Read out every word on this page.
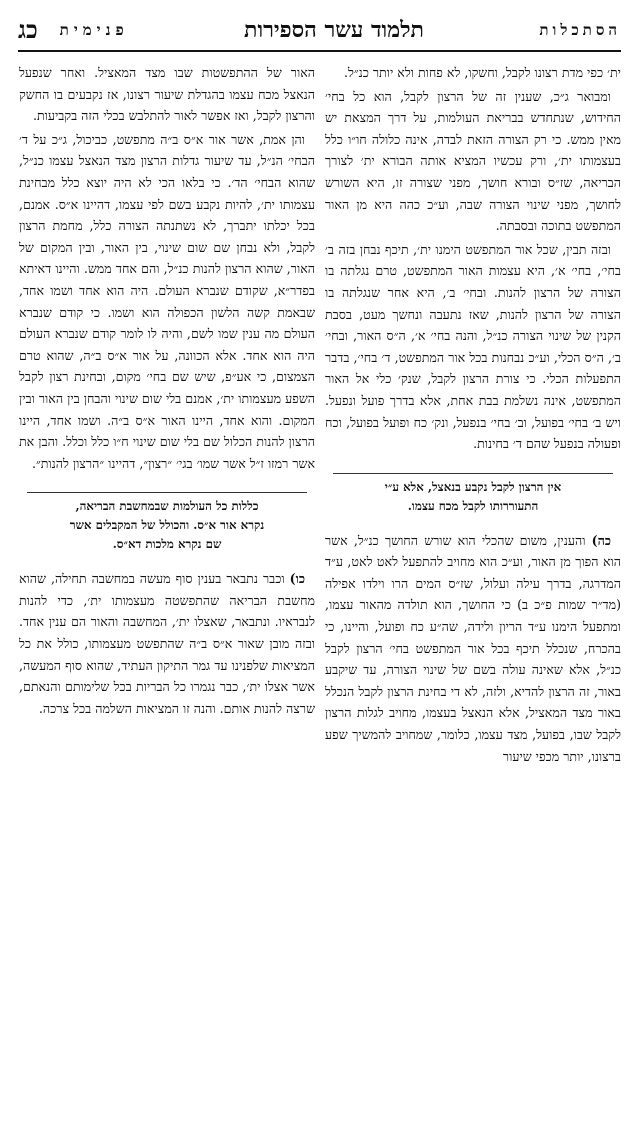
הסתכלות
תלמוד עשר הספירות
פנימית
כג

ית׳ כפי מדת רצונו לקבל, וחשקו, לא פחות ולא יותר כנ״ל.

ומבואר ג״כ, שענין זה של הרצון לקבל, הוא כל בחי׳ החידוש, שנתחדש בבריאת העולמות, על דרך המצאת יש מאין ממש. כי רק הצורה הזאת לבדה, אינה כלולה חו״ו כלל בעצמותו ית׳, ורק עכשיו המציא אותה הבורא ית׳ לצורך הבריאה, שז״ס ובורא חושך, מפני שצורה זו, היא השורש לחושך, מפני שינוי הצורה שבה, וע״כ כהה היא מן האור המתפשט בתוכה ובסבתה.

ובזה תבין, שכל אור המתפשט הימנו ית׳, תיכף נבחן בזה ב׳ בחי׳, בחי׳ א׳, היא עצמות האור המתפשט, טרם נגלתה בו הצורה של הרצון להנות. ובחי׳ ב׳, היא אחר שנגלתה בו הצורה של הרצון להנות, שאז נתעבה ונחשך מעט, בסבת הקנין של שינוי הצורה כנ״ל, והנה בחי׳ א׳, ה״ס האור, ובחי׳ ב׳, ה״ס הכלי, וע״כ נבחנות בכל אור המתפשט, ד׳ בחי׳, בדבר התפעלות הכלי. כי צורת הרצון לקבל, שנק׳ כלי אל האור המתפשט, אינה נשלמת בבת אחת, אלא בדרך פועל ונפעל. ויש ב׳ בחי׳ בפועל, וב׳ בחי׳ בנפעל, ונק׳ כח ופועל בפועל, וכח ופעולה בנפעל שהם ד׳ בחינות.

אין הרצון לקבל נקבע בנאצל, אלא ע״י
התעוררותו לקבל מכח עצמו.

כה) והענין, משום שהכלי הוא שורש החושך כנ״ל, אשר הוא הפוך מן האור, וע״כ הוא מחויב להתפעל לאט לאט, ע״ד המדרגה, בדרך עילה ועלול, שז״ס המים הרו וילדו אפילה (מד״ר שמות פ״כ ב) כי החושך, הוא תולדה מהאור עצמו, ומתפעל הימנו ע״ד הריון ולידה, שה״ע כח ופועל, והיינו, כי בהכרח, שנכלל תיכף בכל אור המתפשט בחי׳ הרצון לקבל כנ״ל, אלא שאינה עולה בשם של שינוי הצורה, עד שיקבע באור, זה הרצון להדיא, ולזה, לא די בחינת הרצון לקבל הנכלל באור מצד המאציל, אלא הנאצל בעצמו, מחויב לגלות הרצון לקבל שבו, בפועל, מצד עצמו, כלומר, שמחויב להמשיך שפע ברצונו, יותר מכפי שיעור

האור של ההתפשטות שבו מצד המאציל. ואחר שנפעל הנאצל מכח עצמו בהגדלת שיעור רצונו, אז נקבעים בו החשק והרצון לקבל, ואז אפשר לאור להתלבש בכלי הזה בקביעות.

והן אמת, אשר אור א״ס ב״ה מתפשט, כביכול, ג״כ על ד׳ הבחי׳ הנ״ל, עד שיעור גדלות הרצון מצד הנאצל עצמו כנ״ל, שהוא הבחי׳ הד׳. כי בלאו הכי לא היה יוצא כלל מבחינת עצמותו ית׳, להיות נקבע בשם לפי עצמו, דהיינו א״ס. אמנם, בכל יכלתו יתברך, לא נשתנתה הצורה כלל, מחמת הרצון לקבל, ולא נבחן שם שום שינוי, בין האור, ובין המקום של האור, שהוא הרצון להנות כנ״ל, והם אחד ממש. והיינו דאיתא בפדר״א, שקודם שנברא העולם. היה הוא אחד ושמו אחד, שבאמת קשה הלשון הכפולה הוא ושמו. כי קודם שנברא העולם מה ענין שמו לשם, והיה לו לומר קודם שנברא העולם היה הוא אחד. אלא הכוונה, על אור א״ס ב״ה, שהוא טרם הצמצום, כי אע״פ, שיש שם בחי׳ מקום, ובחינת רצון לקבל השפע מעצמותו ית׳, אמנם בלי שום שינוי והבחן בין האור ובין המקום. והוא אחד, היינו האור א״ס ב״ה. ושמו אחד, היינו הרצון להנות הכלול שם בלי שום שינוי ח״ו כלל וכלל. והבן את אשר רמזו ז״ל אשר שמו׳ בגי׳ ״רצון״, דהיינו ״הרצון להנות״.

כללות כל העולמות שבמחשבת הבריאה,
נקרא אור א״ס. והכולל של המקבלים אשר
שם נקרא מלכות דא״ס.

כו) וכבר נתבאר בענין סוף מעשה במחשבה תחילה, שהוא מחשבת הבריאה שהתפשטה מעצמותו ית׳, כדי להנות לנבראיו. ונתבאר, שאצלו ית׳, המחשבה והאור הם ענין אחד. ובזה מובן שאור א״ס ב״ה שהתפשט מעצמותו, כולל את כל המציאות שלפנינו עד גמר התיקון העתיד, שהוא סוף המעשה, אשר אצלו ית׳, כבר נגמרו כל הבריות בכל שלימותם והנאתם, שרצה להנות אותם. והנה זו המציאות השלמה בכל צרכה.
